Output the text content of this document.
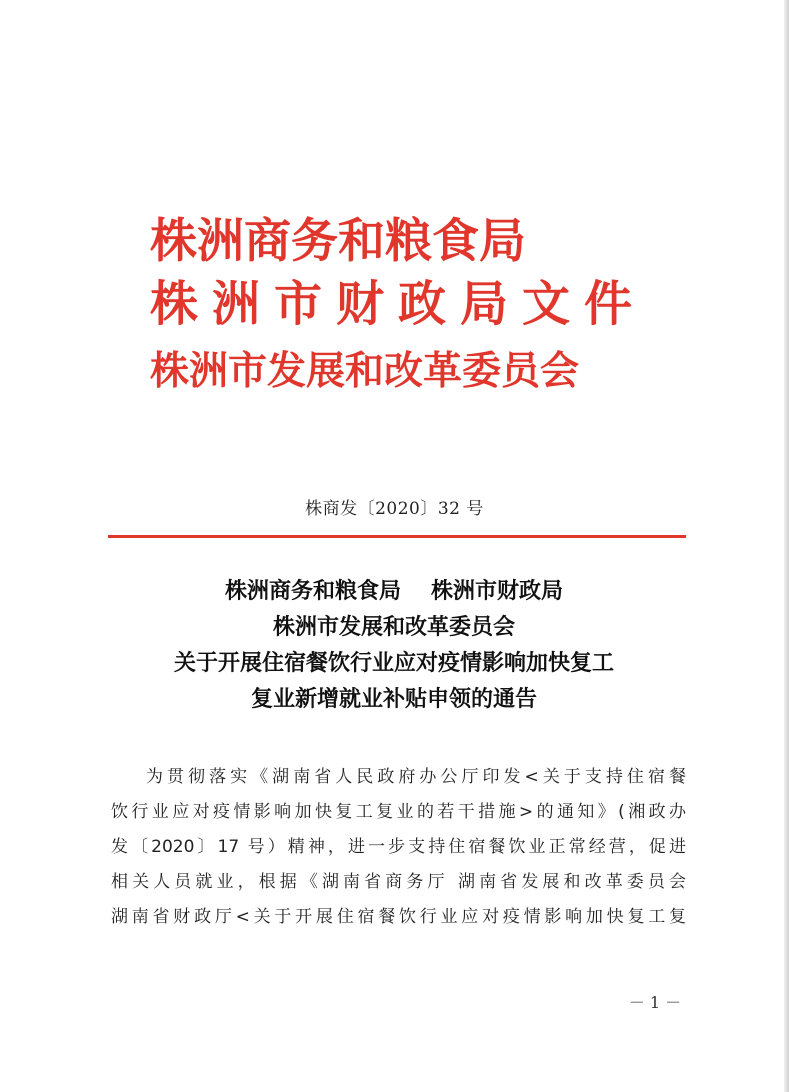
株洲商务和粮食局
株洲市财政局文件
株洲市发展和改革委员会
株商发〔2020〕32 号
株洲商务和粮食局 株洲市财政局
株洲市发展和改革委员会
关于开展住宿餐饮行业应对疫情影响加快复工
复业新增就业补贴申领的通告
为贯彻落实《湖南省人民政府办公厅印发<关于支持住宿餐
饮行业应对疫情影响加快复工复业的若干措施>的通知》(湘政办
发〔2020〕17 号）精神，进一步支持住宿餐饮业正常经营，促进
相关人员就业，根据《湖南省商务厅 湖南省发展和改革委员会
湖南省财政厅<关于开展住宿餐饮行业应对疫情影响加快复工复
－ 1 －
